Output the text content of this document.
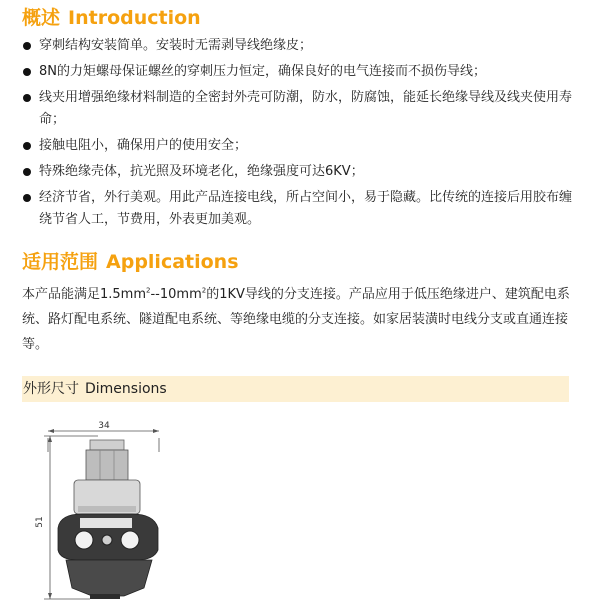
概述 Introduction
穿刺结构安装简单。安装时无需剥导线绝缘皮；
8N的力矩螺母保证螺丝的穿刺压力恒定，确保良好的电气连接而不损伤导线；
线夹用增强绝缘材料制造的全密封外壳可防潮，防水，防腐蚀，能延长绝缘导线及线夹使用寿命；
接触电阻小，确保用户的使用安全；
特殊绝缘壳体，抗光照及环境老化，绝缘强度可达6KV；
经济节省，外行美观。用此产品连接电线，所占空间小，易于隐藏。比传统的连接后用胶布缠绕节省人工，节费用，外表更加美观。
适用范围 Applications

本产品能满足$1.5mm^2--10mm^2$的1KV导线的分支连接。产品应用于低压绝缘进户、建筑配电系统、路灯配电系统、隧道配电系统、等绝缘电缆的分支连接。如家居装潢时电线分支或直通连接等。

外形尺寸 Dimensions
34
51
